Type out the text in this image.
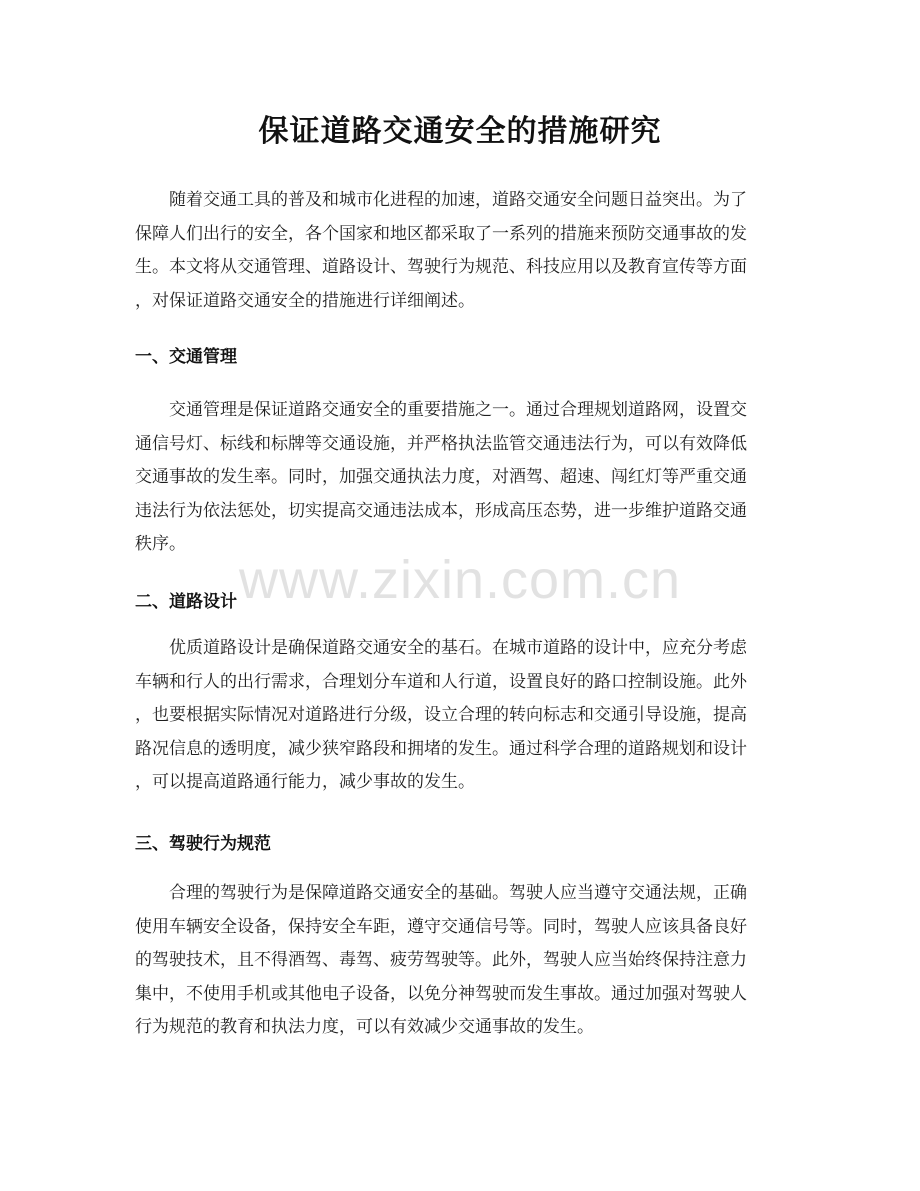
保证道路交通安全的措施研究
随着交通工具的普及和城市化进程的加速，道路交通安全问题日益突出。为了
保障人们出行的安全，各个国家和地区都采取了一系列的措施来预防交通事故的发
生。本文将从交通管理、道路设计、驾驶行为规范、科技应用以及教育宣传等方面
，对保证道路交通安全的措施进行详细阐述。
一、交通管理
交通管理是保证道路交通安全的重要措施之一。通过合理规划道路网，设置交
通信号灯、标线和标牌等交通设施，并严格执法监管交通违法行为，可以有效降低
交通事故的发生率。同时，加强交通执法力度，对酒驾、超速、闯红灯等严重交通
违法行为依法惩处，切实提高交通违法成本，形成高压态势，进一步维护道路交通
秩序。
二、道路设计
优质道路设计是确保道路交通安全的基石。在城市道路的设计中，应充分考虑
车辆和行人的出行需求，合理划分车道和人行道，设置良好的路口控制设施。此外
，也要根据实际情况对道路进行分级，设立合理的转向标志和交通引导设施，提高
路况信息的透明度，减少狭窄路段和拥堵的发生。通过科学合理的道路规划和设计
，可以提高道路通行能力，减少事故的发生。
三、驾驶行为规范
合理的驾驶行为是保障道路交通安全的基础。驾驶人应当遵守交通法规，正确
使用车辆安全设备，保持安全车距，遵守交通信号等。同时，驾驶人应该具备良好
的驾驶技术，且不得酒驾、毒驾、疲劳驾驶等。此外，驾驶人应当始终保持注意力
集中，不使用手机或其他电子设备，以免分神驾驶而发生事故。通过加强对驾驶人
行为规范的教育和执法力度，可以有效减少交通事故的发生。
www.zixin.com.cn
